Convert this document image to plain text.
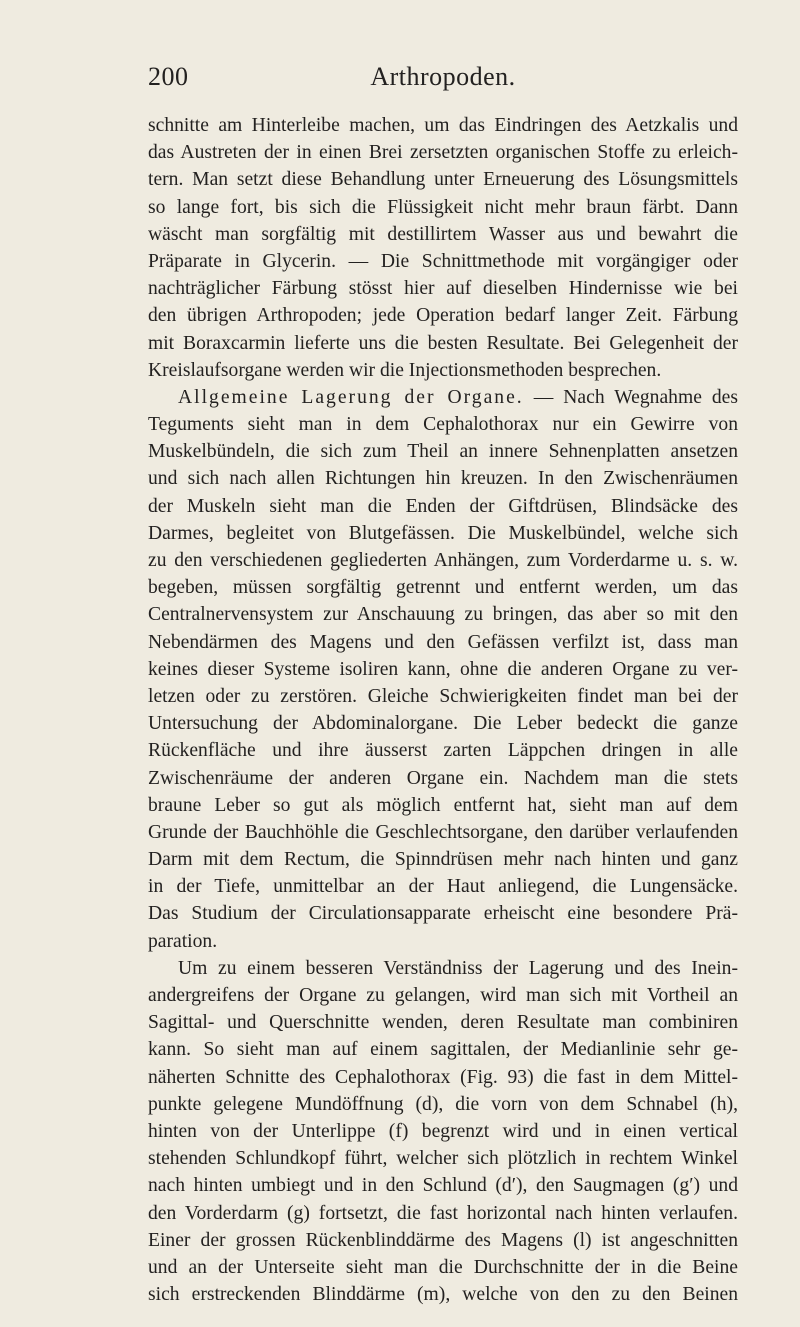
200	Arthropoden.
schnitte am Hinterleibe machen, um das Eindringen des Aetzkalis und
das Austreten der in einen Brei zersetzten organischen Stoffe zu erleich-
tern. Man setzt diese Behandlung unter Erneuerung des Lösungsmittels
so lange fort, bis sich die Flüssigkeit nicht mehr braun färbt. Dann
wäscht man sorgfältig mit destillirtem Wasser aus und bewahrt die
Präparate in Glycerin. — Die Schnittmethode mit vorgängiger oder
nachträglicher Färbung stösst hier auf dieselben Hindernisse wie bei
den übrigen Arthropoden; jede Operation bedarf langer Zeit. Färbung
mit Boraxcarmin lieferte uns die besten Resultate. Bei Gelegenheit der
Kreislaufsorgane werden wir die Injectionsmethoden besprechen.
Allgemeine Lagerung der Organe. — Nach Wegnahme des
Teguments sieht man in dem Cephalothorax nur ein Gewirre von
Muskelbündeln, die sich zum Theil an innere Sehnenplatten ansetzen
und sich nach allen Richtungen hin kreuzen. In den Zwischenräumen
der Muskeln sieht man die Enden der Giftdrüsen, Blindsäcke des
Darmes, begleitet von Blutgefässen. Die Muskelbündel, welche sich
zu den verschiedenen gegliederten Anhängen, zum Vorderdarme u. s. w.
begeben, müssen sorgfältig getrennt und entfernt werden, um das
Centralnervensystem zur Anschauung zu bringen, das aber so mit den
Nebendärmen des Magens und den Gefässen verfilzt ist, dass man
keines dieser Systeme isoliren kann, ohne die anderen Organe zu ver-
letzen oder zu zerstören. Gleiche Schwierigkeiten findet man bei der
Untersuchung der Abdominalorgane. Die Leber bedeckt die ganze
Rückenfläche und ihre äusserst zarten Läppchen dringen in alle
Zwischenräume der anderen Organe ein. Nachdem man die stets
braune Leber so gut als möglich entfernt hat, sieht man auf dem
Grunde der Bauchhöhle die Geschlechtsorgane, den darüber verlaufenden
Darm mit dem Rectum, die Spinndrüsen mehr nach hinten und ganz
in der Tiefe, unmittelbar an der Haut anliegend, die Lungensäcke.
Das Studium der Circulationsapparate erheischt eine besondere Prä-
paration.
Um zu einem besseren Verständniss der Lagerung und des Inein-
andergreifens der Organe zu gelangen, wird man sich mit Vortheil an
Sagittal- und Querschnitte wenden, deren Resultate man combiniren
kann. So sieht man auf einem sagittalen, der Medianlinie sehr ge-
näherten Schnitte des Cephalothorax (Fig. 93) die fast in dem Mittel-
punkte gelegene Mundöffnung (d), die vorn von dem Schnabel (h),
hinten von der Unterlippe (f) begrenzt wird und in einen vertical
stehenden Schlundkopf führt, welcher sich plötzlich in rechtem Winkel
nach hinten umbiegt und in den Schlund (d′), den Saugmagen (g′) und
den Vorderdarm (g) fortsetzt, die fast horizontal nach hinten verlaufen.
Einer der grossen Rückenblinddärme des Magens (l) ist angeschnitten
und an der Unterseite sieht man die Durchschnitte der in die Beine
sich erstreckenden Blinddärme (m), welche von den zu den Beinen
